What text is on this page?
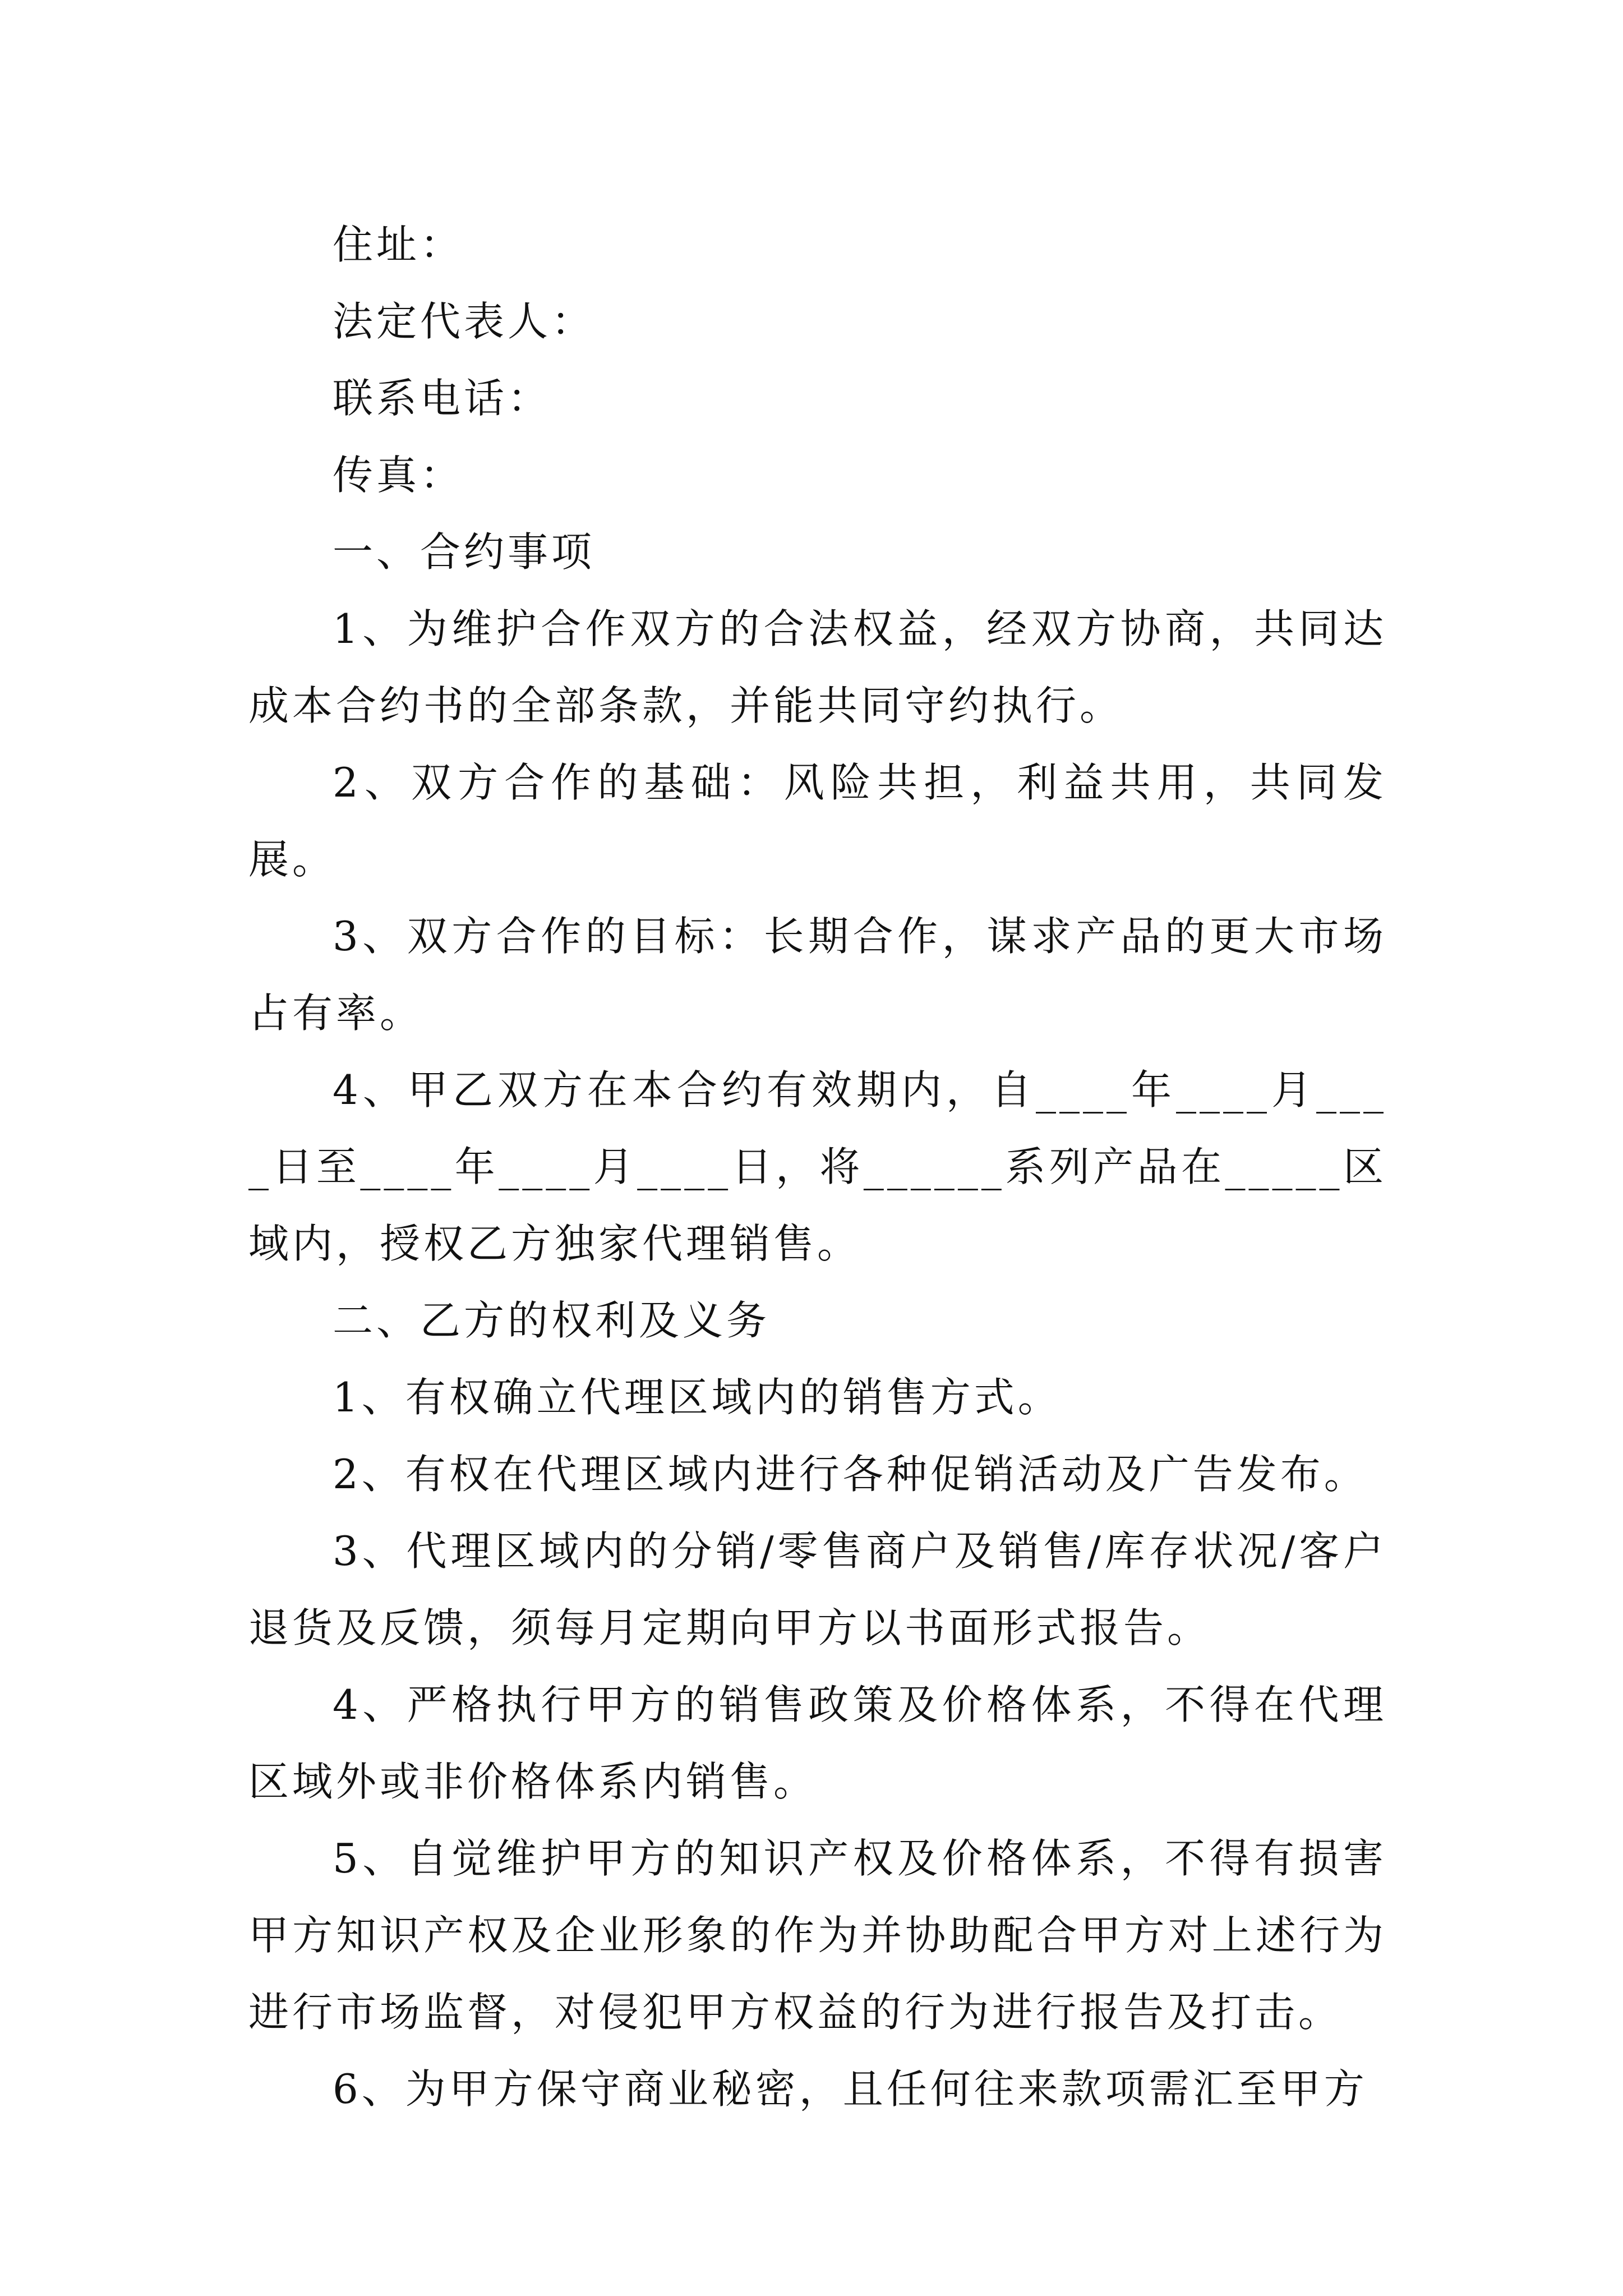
住址：

法定代表人：

联系电话：

传真：

一、合约事项

1、为维护合作双方的合法权益，经双方协商，共同达成本合约书的全部条款，并能共同守约执行。

2、双方合作的基础：风险共担，利益共用，共同发展。

3、双方合作的目标：长期合作，谋求产品的更大市场占有率。

4、甲乙双方在本合约有效期内，自____年____月____日至____年____月____日，将______系列产品在_____区域内，授权乙方独家代理销售。

二、乙方的权利及义务

1、有权确立代理区域内的销售方式。

2、有权在代理区域内进行各种促销活动及广告发布。

3、代理区域内的分销/零售商户及销售/库存状况/客户退货及反馈，须每月定期向甲方以书面形式报告。

4、严格执行甲方的销售政策及价格体系，不得在代理区域外或非价格体系内销售。

5、自觉维护甲方的知识产权及价格体系，不得有损害甲方知识产权及企业形象的作为并协助配合甲方对上述行为进行市场监督，对侵犯甲方权益的行为进行报告及打击。

6、为甲方保守商业秘密，且任何往来款项需汇至甲方
